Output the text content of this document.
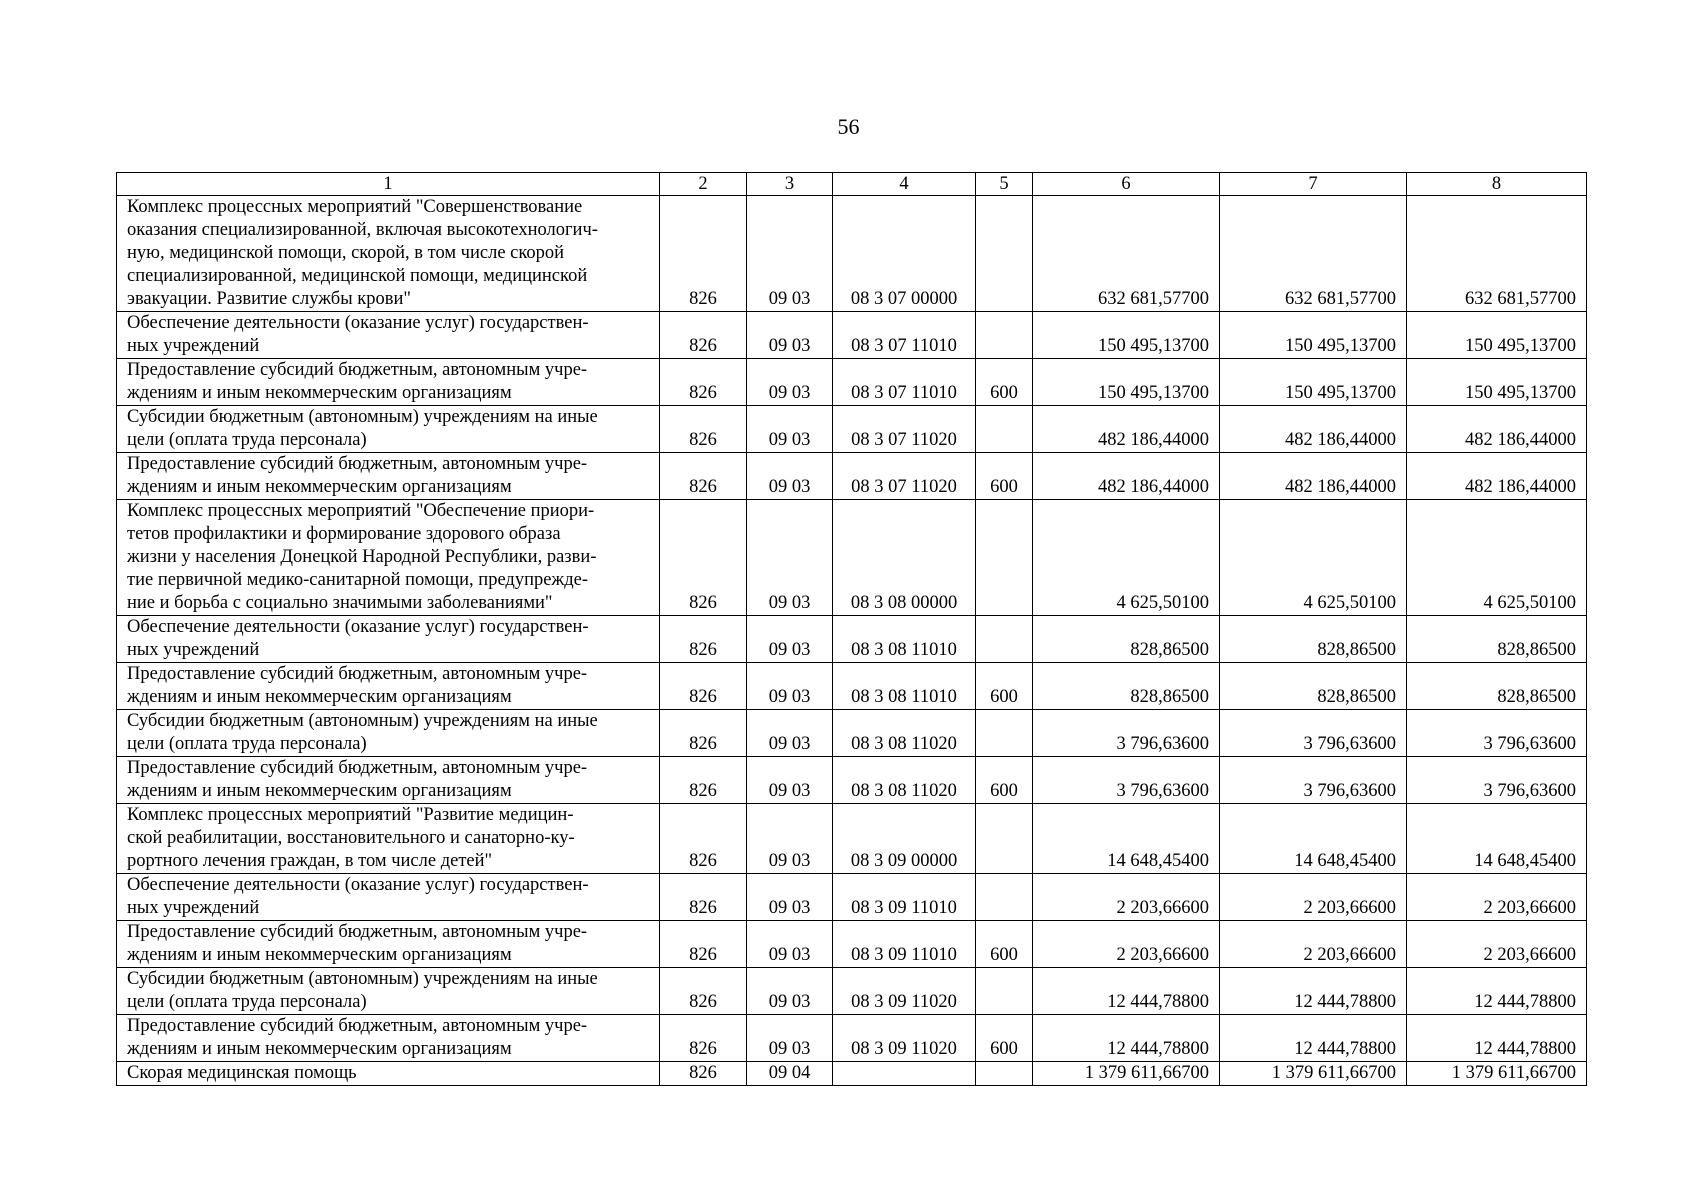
56
1	2	3	4	5	6	7	8

Комплекс процессных мероприятий "Совершенствование
оказания специализированной, включая высокотехнологич-
ную, медицинской помощи, скорой, в том числе скорой
специализированной, медицинской помощи, медицинской
эвакуации. Развитие службы крови"	826	09 03	08 3 07 00000		632 681,57700	632 681,57700	632 681,57700

Обеспечение деятельности (оказание услуг) государствен-
ных учреждений	826	09 03	08 3 07 11010		150 495,13700	150 495,13700	150 495,13700

Предоставление субсидий бюджетным, автономным учре-
ждениям и иным некоммерческим организациям	826	09 03	08 3 07 11010	600	150 495,13700	150 495,13700	150 495,13700

Субсидии бюджетным (автономным) учреждениям на иные
цели (оплата труда персонала)	826	09 03	08 3 07 11020		482 186,44000	482 186,44000	482 186,44000

Предоставление субсидий бюджетным, автономным учре-
ждениям и иным некоммерческим организациям	826	09 03	08 3 07 11020	600	482 186,44000	482 186,44000	482 186,44000

Комплекс процессных мероприятий "Обеспечение приори-
тетов профилактики и формирование здорового образа
жизни у населения Донецкой Народной Республики, разви-
тие первичной медико-санитарной помощи, предупрежде-
ние и борьба с социально значимыми заболеваниями"	826	09 03	08 3 08 00000		4 625,50100	4 625,50100	4 625,50100

Обеспечение деятельности (оказание услуг) государствен-
ных учреждений	826	09 03	08 3 08 11010		828,86500	828,86500	828,86500

Предоставление субсидий бюджетным, автономным учре-
ждениям и иным некоммерческим организациям	826	09 03	08 3 08 11010	600	828,86500	828,86500	828,86500

Субсидии бюджетным (автономным) учреждениям на иные
цели (оплата труда персонала)	826	09 03	08 3 08 11020		3 796,63600	3 796,63600	3 796,63600

Предоставление субсидий бюджетным, автономным учре-
ждениям и иным некоммерческим организациям	826	09 03	08 3 08 11020	600	3 796,63600	3 796,63600	3 796,63600

Комплекс процессных мероприятий "Развитие медицин-
ской реабилитации, восстановительного и санаторно-ку-
рортного лечения граждан, в том числе детей"	826	09 03	08 3 09 00000		14 648,45400	14 648,45400	14 648,45400

Обеспечение деятельности (оказание услуг) государствен-
ных учреждений	826	09 03	08 3 09 11010		2 203,66600	2 203,66600	2 203,66600

Предоставление субсидий бюджетным, автономным учре-
ждениям и иным некоммерческим организациям	826	09 03	08 3 09 11010	600	2 203,66600	2 203,66600	2 203,66600

Субсидии бюджетным (автономным) учреждениям на иные
цели (оплата труда персонала)	826	09 03	08 3 09 11020		12 444,78800	12 444,78800	12 444,78800

Предоставление субсидий бюджетным, автономным учре-
ждениям и иным некоммерческим организациям	826	09 03	08 3 09 11020	600	12 444,78800	12 444,78800	12 444,78800

Скорая медицинская помощь	826	09 04			1 379 611,66700	1 379 611,66700	1 379 611,66700
